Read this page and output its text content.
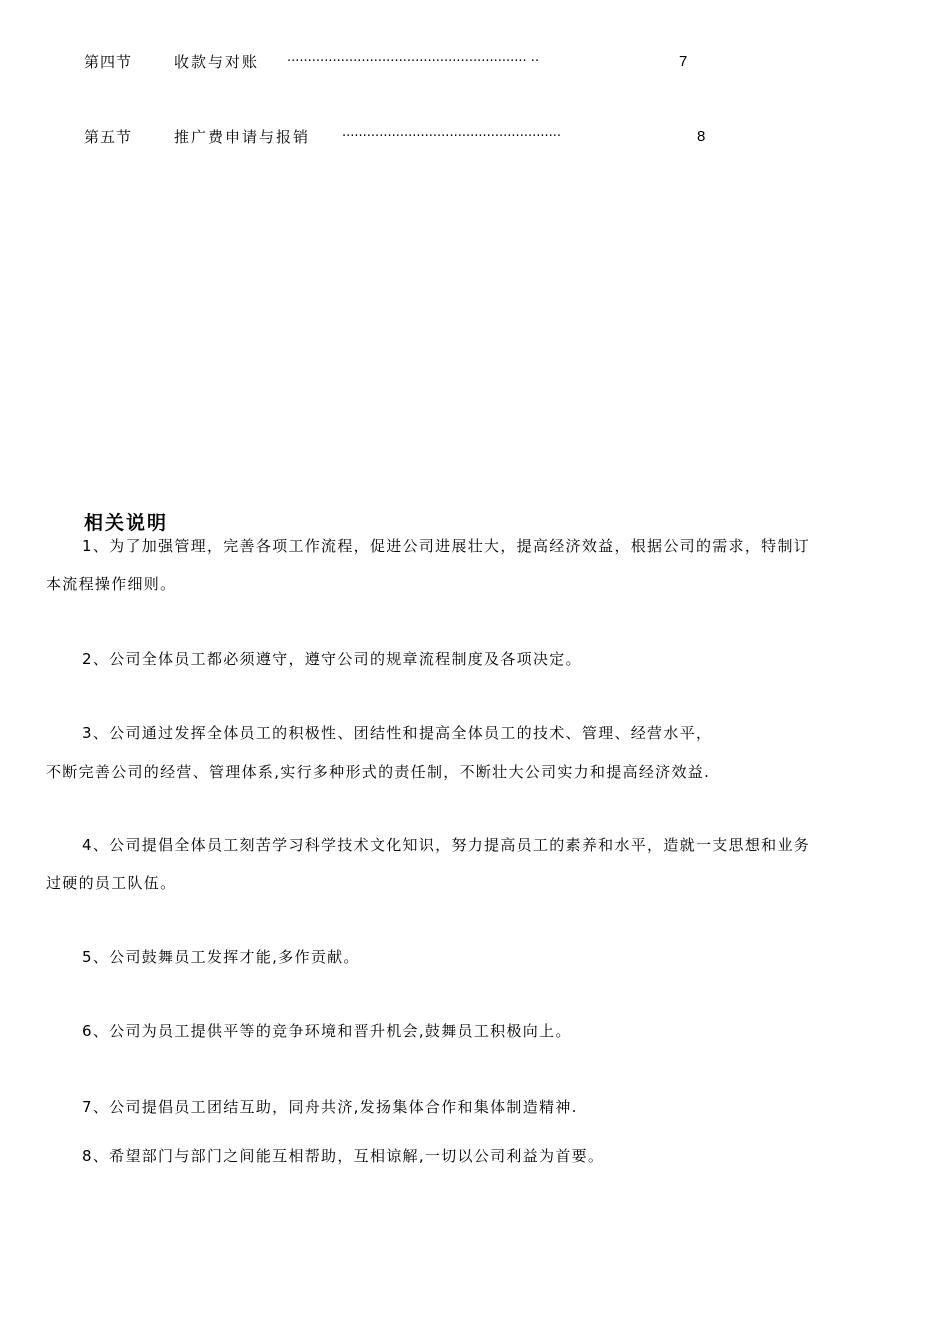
第四节	收款与对账 ·························································· ··	7
第五节	推广费申请与报销 ·····················································	8
相关说明
1、为了加强管理，完善各项工作流程，促进公司进展壮大，提高经济效益，根据公司的需求，特制订
本流程操作细则。
2、公司全体员工都必须遵守，遵守公司的规章流程制度及各项决定。
3、公司通过发挥全体员工的积极性、团结性和提高全体员工的技术、管理、经营水平，
不断完善公司的经营、管理体系,实行多种形式的责任制，不断壮大公司实力和提高经济效益.
4、公司提倡全体员工刻苦学习科学技术文化知识，努力提高员工的素养和水平，造就一支思想和业务
过硬的员工队伍。
5、公司鼓舞员工发挥才能,多作贡献。
6、公司为员工提供平等的竞争环境和晋升机会,鼓舞员工积极向上。
7、公司提倡员工团结互助，同舟共济,发扬集体合作和集体制造精神.
8、希望部门与部门之间能互相帮助，互相谅解,一切以公司利益为首要。
